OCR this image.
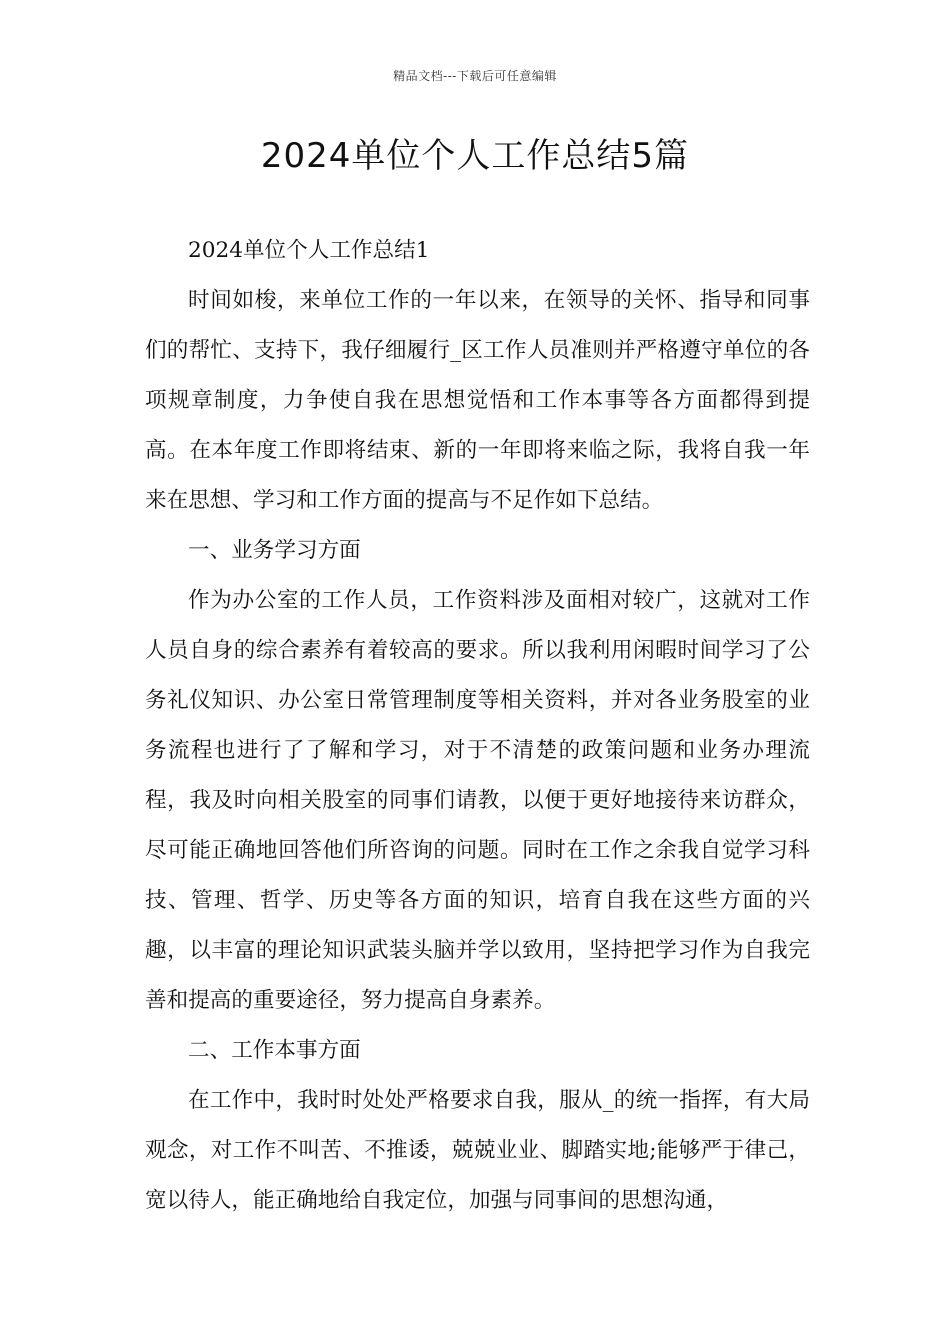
精品文档---下载后可任意编辑
2024单位个人工作总结5篇

2024单位个人工作总结1

时间如梭，来单位工作的一年以来，在领导的关怀、指导和同事们的帮忙、支持下，我仔细履行_区工作人员准则并严格遵守单位的各项规章制度，力争使自我在思想觉悟和工作本事等各方面都得到提高。在本年度工作即将结束、新的一年即将来临之际，我将自我一年来在思想、学习和工作方面的提高与不足作如下总结。

一、业务学习方面

作为办公室的工作人员，工作资料涉及面相对较广，这就对工作人员自身的综合素养有着较高的要求。所以我利用闲暇时间学习了公务礼仪知识、办公室日常管理制度等相关资料，并对各业务股室的业务流程也进行了了解和学习，对于不清楚的政策问题和业务办理流程，我及时向相关股室的同事们请教，以便于更好地接待来访群众，尽可能正确地回答他们所咨询的问题。同时在工作之余我自觉学习科技、管理、哲学、历史等各方面的知识，培育自我在这些方面的兴趣，以丰富的理论知识武装头脑并学以致用，坚持把学习作为自我完善和提高的重要途径，努力提高自身素养。

二、工作本事方面

在工作中，我时时处处严格要求自我，服从_的统一指挥，有大局观念，对工作不叫苦、不推诿，兢兢业业、脚踏实地;能够严于律己，宽以待人，能正确地给自我定位，加强与同事间的思想沟通，
